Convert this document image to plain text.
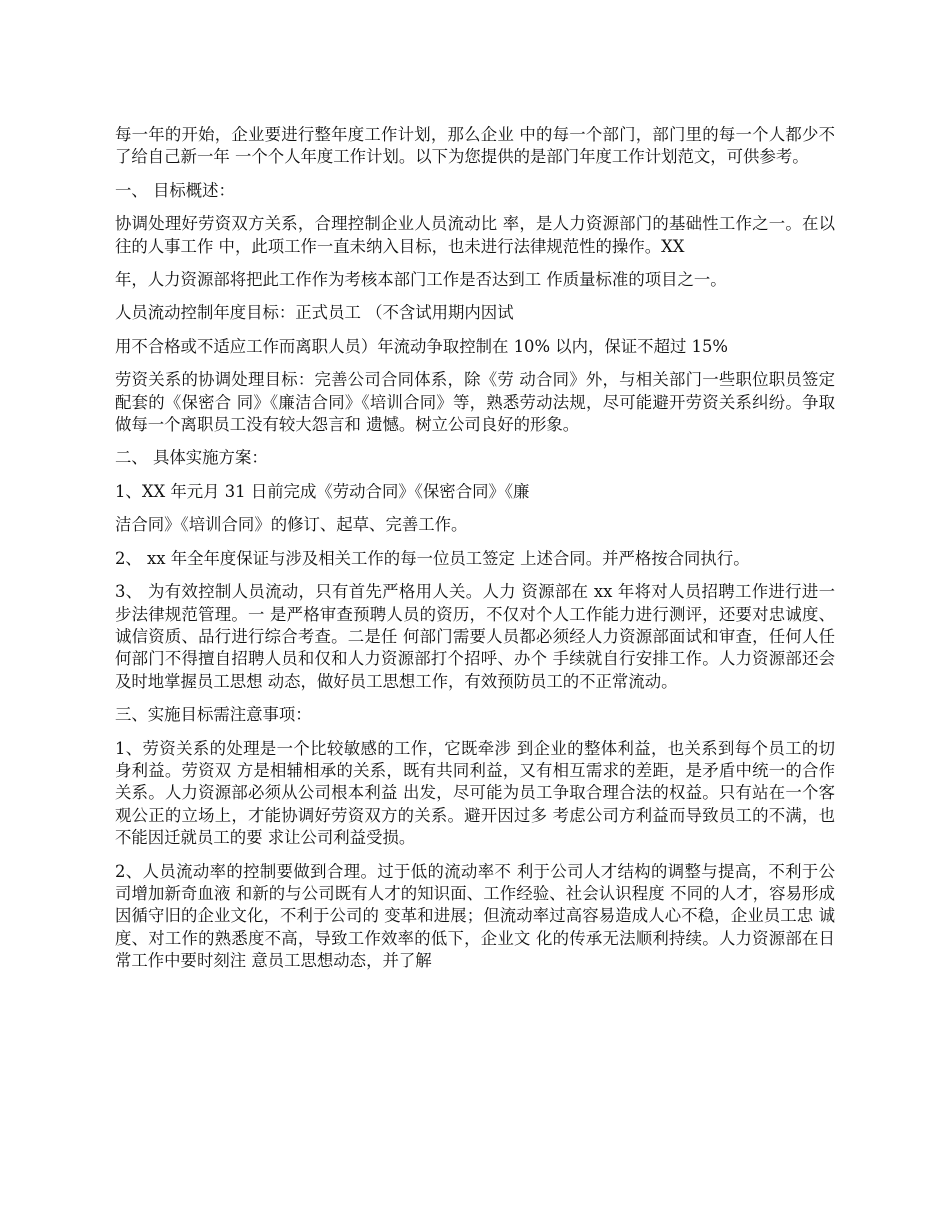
每一年的开始，企业要进行整年度工作计划，那么企业 中的每一个部门，部门里的每一个人都少不了给自己新一年 一个个人年度工作计划。以下为您提供的是部门年度工作计划范文，可供参考。

一、 目标概述：

协调处理好劳资双方关系，合理控制企业人员流动比 率，是人力资源部门的基础性工作之一。在以往的人事工作 中，此项工作一直未纳入目标，也未进行法律规范性的操作。XX

年，人力资源部将把此工作作为考核本部门工作是否达到工 作质量标准的项目之一。

人员流动控制年度目标：正式员工 （不含试用期内因试

用不合格或不适应工作而离职人员）年流动争取控制在 10% 以内，保证不超过 15%

劳资关系的协调处理目标：完善公司合同体系，除《劳 动合同》外，与相关部门一些职位职员签定配套的《保密合 同》《廉洁合同》《培训合同》等，熟悉劳动法规，尽可能避开劳资关系纠纷。争取做每一个离职员工没有较大怨言和 遗憾。树立公司良好的形象。

二、 具体实施方案：

1、XX 年元月 31 日前完成《劳动合同》《保密合同》《廉

洁合同》《培训合同》的修订、起草、完善工作。

2、 xx 年全年度保证与涉及相关工作的每一位员工签定 上述合同。并严格按合同执行。

3、 为有效控制人员流动，只有首先严格用人关。人力 资源部在 xx 年将对人员招聘工作进行进一步法律规范管理。一 是严格审查预聘人员的资历，不仅对个人工作能力进行测评，还要对忠诚度、诚信资质、品行进行综合考查。二是任 何部门需要人员都必须经人力资源部面试和审查，任何人任 何部门不得擅自招聘人员和仅和人力资源部打个招呼、办个 手续就自行安排工作。人力资源部还会及时地掌握员工思想 动态，做好员工思想工作，有效预防员工的不正常流动。

三、实施目标需注意事项：

1、劳资关系的处理是一个比较敏感的工作，它既牵涉 到企业的整体利益，也关系到每个员工的切身利益。劳资双 方是相辅相承的关系，既有共同利益，又有相互需求的差距，是矛盾中统一的合作关系。人力资源部必须从公司根本利益 出发，尽可能为员工争取合理合法的权益。只有站在一个客 观公正的立场上，才能协调好劳资双方的关系。避开因过多 考虑公司方利益而导致员工的不满，也不能因迁就员工的要 求让公司利益受损。

2、人员流动率的控制要做到合理。过于低的流动率不 利于公司人才结构的调整与提高，不利于公司增加新奇血液 和新的与公司既有人才的知识面、工作经验、社会认识程度 不同的人才，容易形成因循守旧的企业文化，不利于公司的 变革和进展；但流动率过高容易造成人心不稳，企业员工忠 诚度、对工作的熟悉度不高，导致工作效率的低下，企业文 化的传承无法顺利持续。人力资源部在日常工作中要时刻注 意员工思想动态，并了解
